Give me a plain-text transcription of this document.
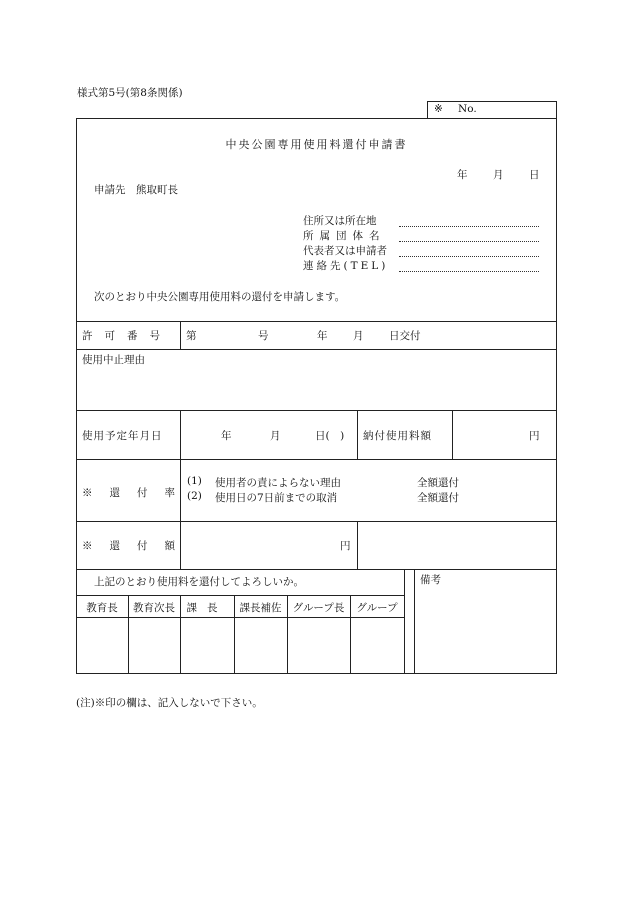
様式第5号(第8条関係)
※ No.
中央公園専用使用料還付申請書
年 月 日
申請先　熊取町長
住所又は所在地
所属団体名
代表者又は申請者
連絡先(TEL)
次のとおり中央公園専用使用料の還付を申請します。
許可番号 第	号	年 月 日交付
使用中止理由
使用予定年月日	年	月	日(　) 納付使用料額	円
※還付率
(1) 使用者の責によらない理由	全額還付
(2) 使用日の7日前までの取消	全額還付
※還付額	円
上記のとおり使用料を還付してよろしいか。	備考
教育長	教育次長	課長	課長補佐	グループ長	グループ
(注)※印の欄は、記入しないで下さい。
